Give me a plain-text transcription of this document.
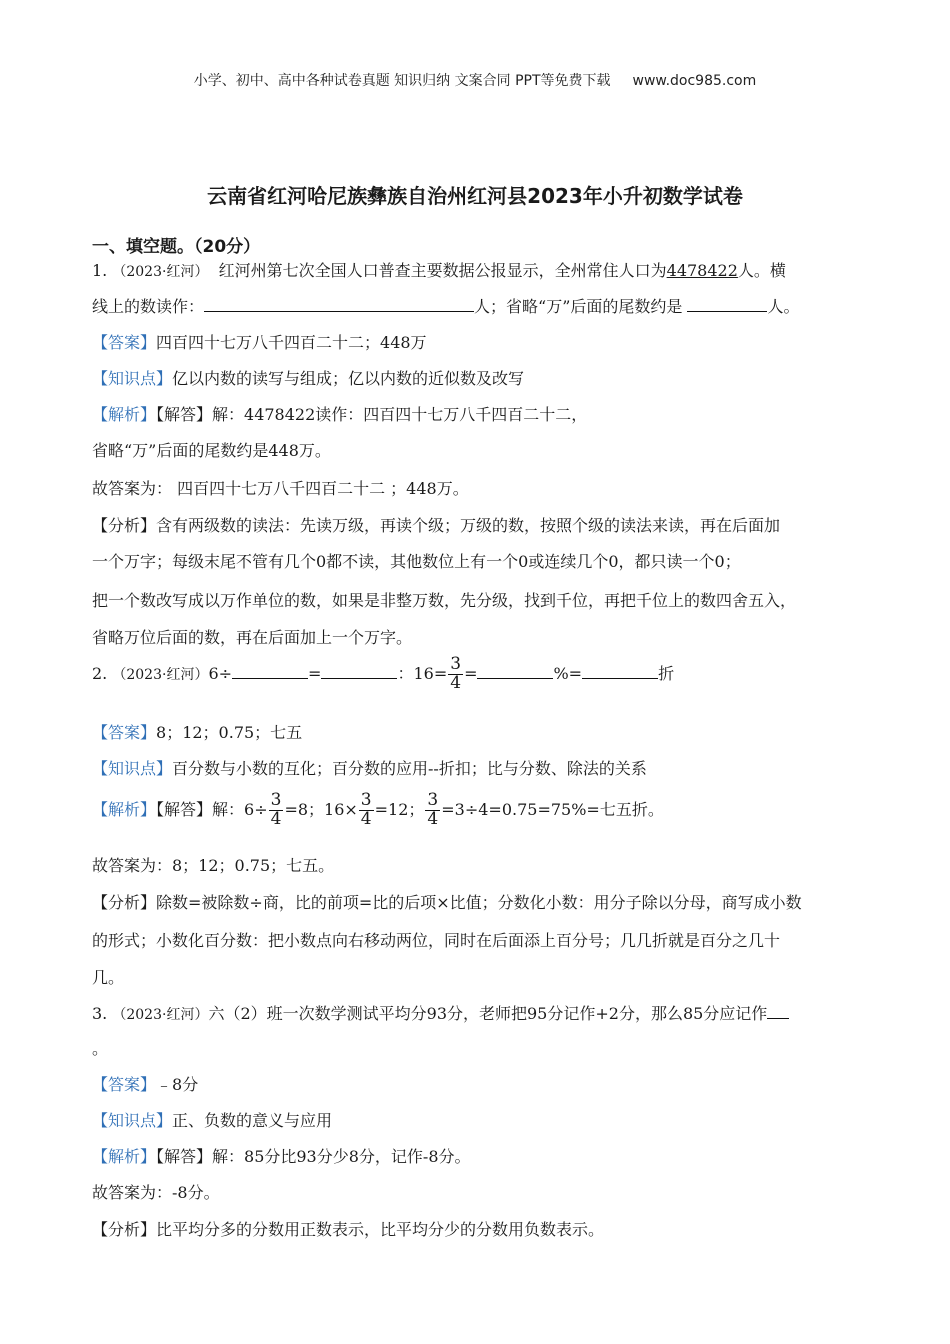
小学、初中、高中各种试卷真题 知识归纳 文案合同 PPT等免费下载 www.doc985.com
云南省红河哈尼族彝族自治州红河县2023年小升初数学试卷
一、填空题。（20分）
1. （2023·红河） 红河州第七次全国人口普查主要数据公报显示，全州常住人口为4478422人。横
线上的数读作：	人；省略“万”后面的尾数约是	人。
【答案】四百四十七万八千四百二十二；448万
【知识点】亿以内数的读写与组成；亿以内数的近似数及改写
【解析】【解答】解：4478422读作：四百四十七万八千四百二十二，
省略“万”后面的尾数约是448万。
故答案为： 四百四十七万八千四百二十二 ；448万。
【分析】含有两级数的读法：先读万级，再读个级；万级的数，按照个级的读法来读，再在后面加
一个万字；每级末尾不管有几个0都不读，其他数位上有一个0或连续几个0，都只读一个0；
把一个数改写成以万作单位的数，如果是非整万数，先分级，找到千位，再把千位上的数四舍五入，
省略万位后面的数，再在后面加上一个万字。
2. （2023·红河）6÷	=	：$16= \frac{3}{4}$ =	%=	折
【答案】8；12；0.75；七五
【知识点】百分数与小数的互化；百分数的应用--折扣；比与分数、除法的关系
【解析】【解答】解：$6\div \frac{3}{4} =8$；$16\times \frac{3}{4} =12$； $\frac{3}{4} =3\div 4=0.75=75\%=$七五折。
故答案为：8；12；0.75；七五。
【分析】除数=被除数÷商，比的前项=比的后项×比值；分数化小数：用分子除以分母，商写成小数
的形式；小数化百分数：把小数点向右移动两位，同时在后面添上百分号；几几折就是百分之几十
几。
3. （2023·红河）六（2）班一次数学测试平均分93分，老师把95分记作+2分，那么85分应记作
。
【答案】﹣8分
【知识点】正、负数的意义与应用
【解析】【解答】解：85分比93分少8分，记作-8分。
故答案为：-8分。
【分析】比平均分多的分数用正数表示，比平均分少的分数用负数表示。
